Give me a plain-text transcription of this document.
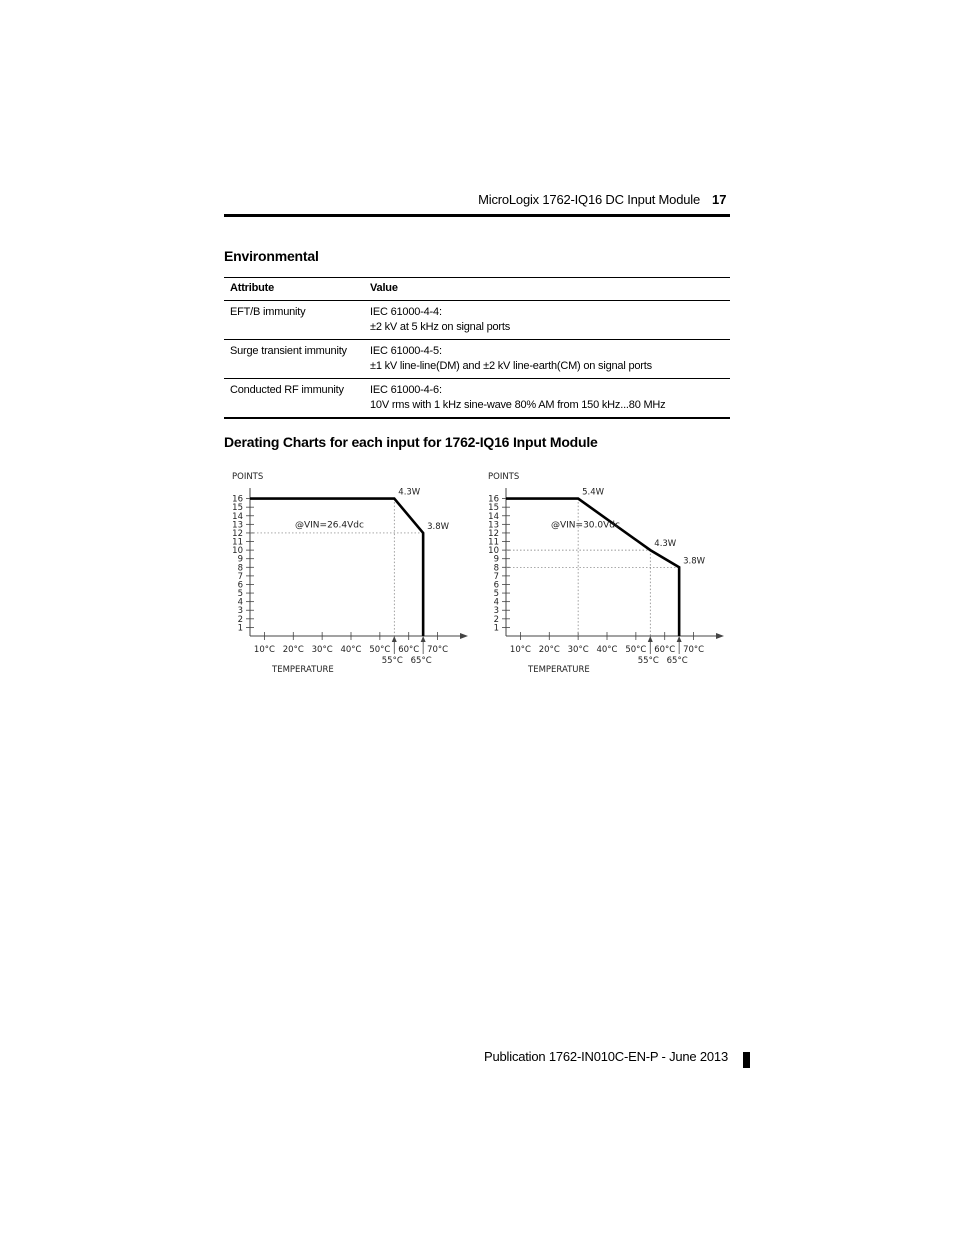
MicroLogix 1762-IQ16 DC Input Module 17
Environmental
Attribute	Value
EFT/B immunity	IEC 61000-4-4:
±2 kV at 5 kHz on signal ports

Surge transient immunity	IEC 61000-4-5:
±1 kV line-line(DM) and ±2 kV line-earth(CM) on signal ports

Conducted RF immunity	IEC 61000-4-6:
10V rms with 1 kHz sine-wave 80% AM from 150 kHz...80 MHz
Derating Charts for each input for 1762-IQ16 Input Module
1
2
3
4
5
6
7
8
9
10
11
12
13
14
15
16
10°C 20°C 30°C 40°C 50°C 60°C 70°C
55°C 65°C
4.3W
3.8W
POINTS
TEMPERATURE
@VIN=26.4Vdc
1
2
3
4
5
6
7
8
9
10
11
12
13
14
15
16
10°C 20°C 30°C 40°C 50°C 60°C 70°C
55°C 65°C
5.4W
4.3W
3.8W
POINTS
TEMPERATURE
@VIN=30.0Vdc
Publication 1762-IN010C-EN-P - June 2013
